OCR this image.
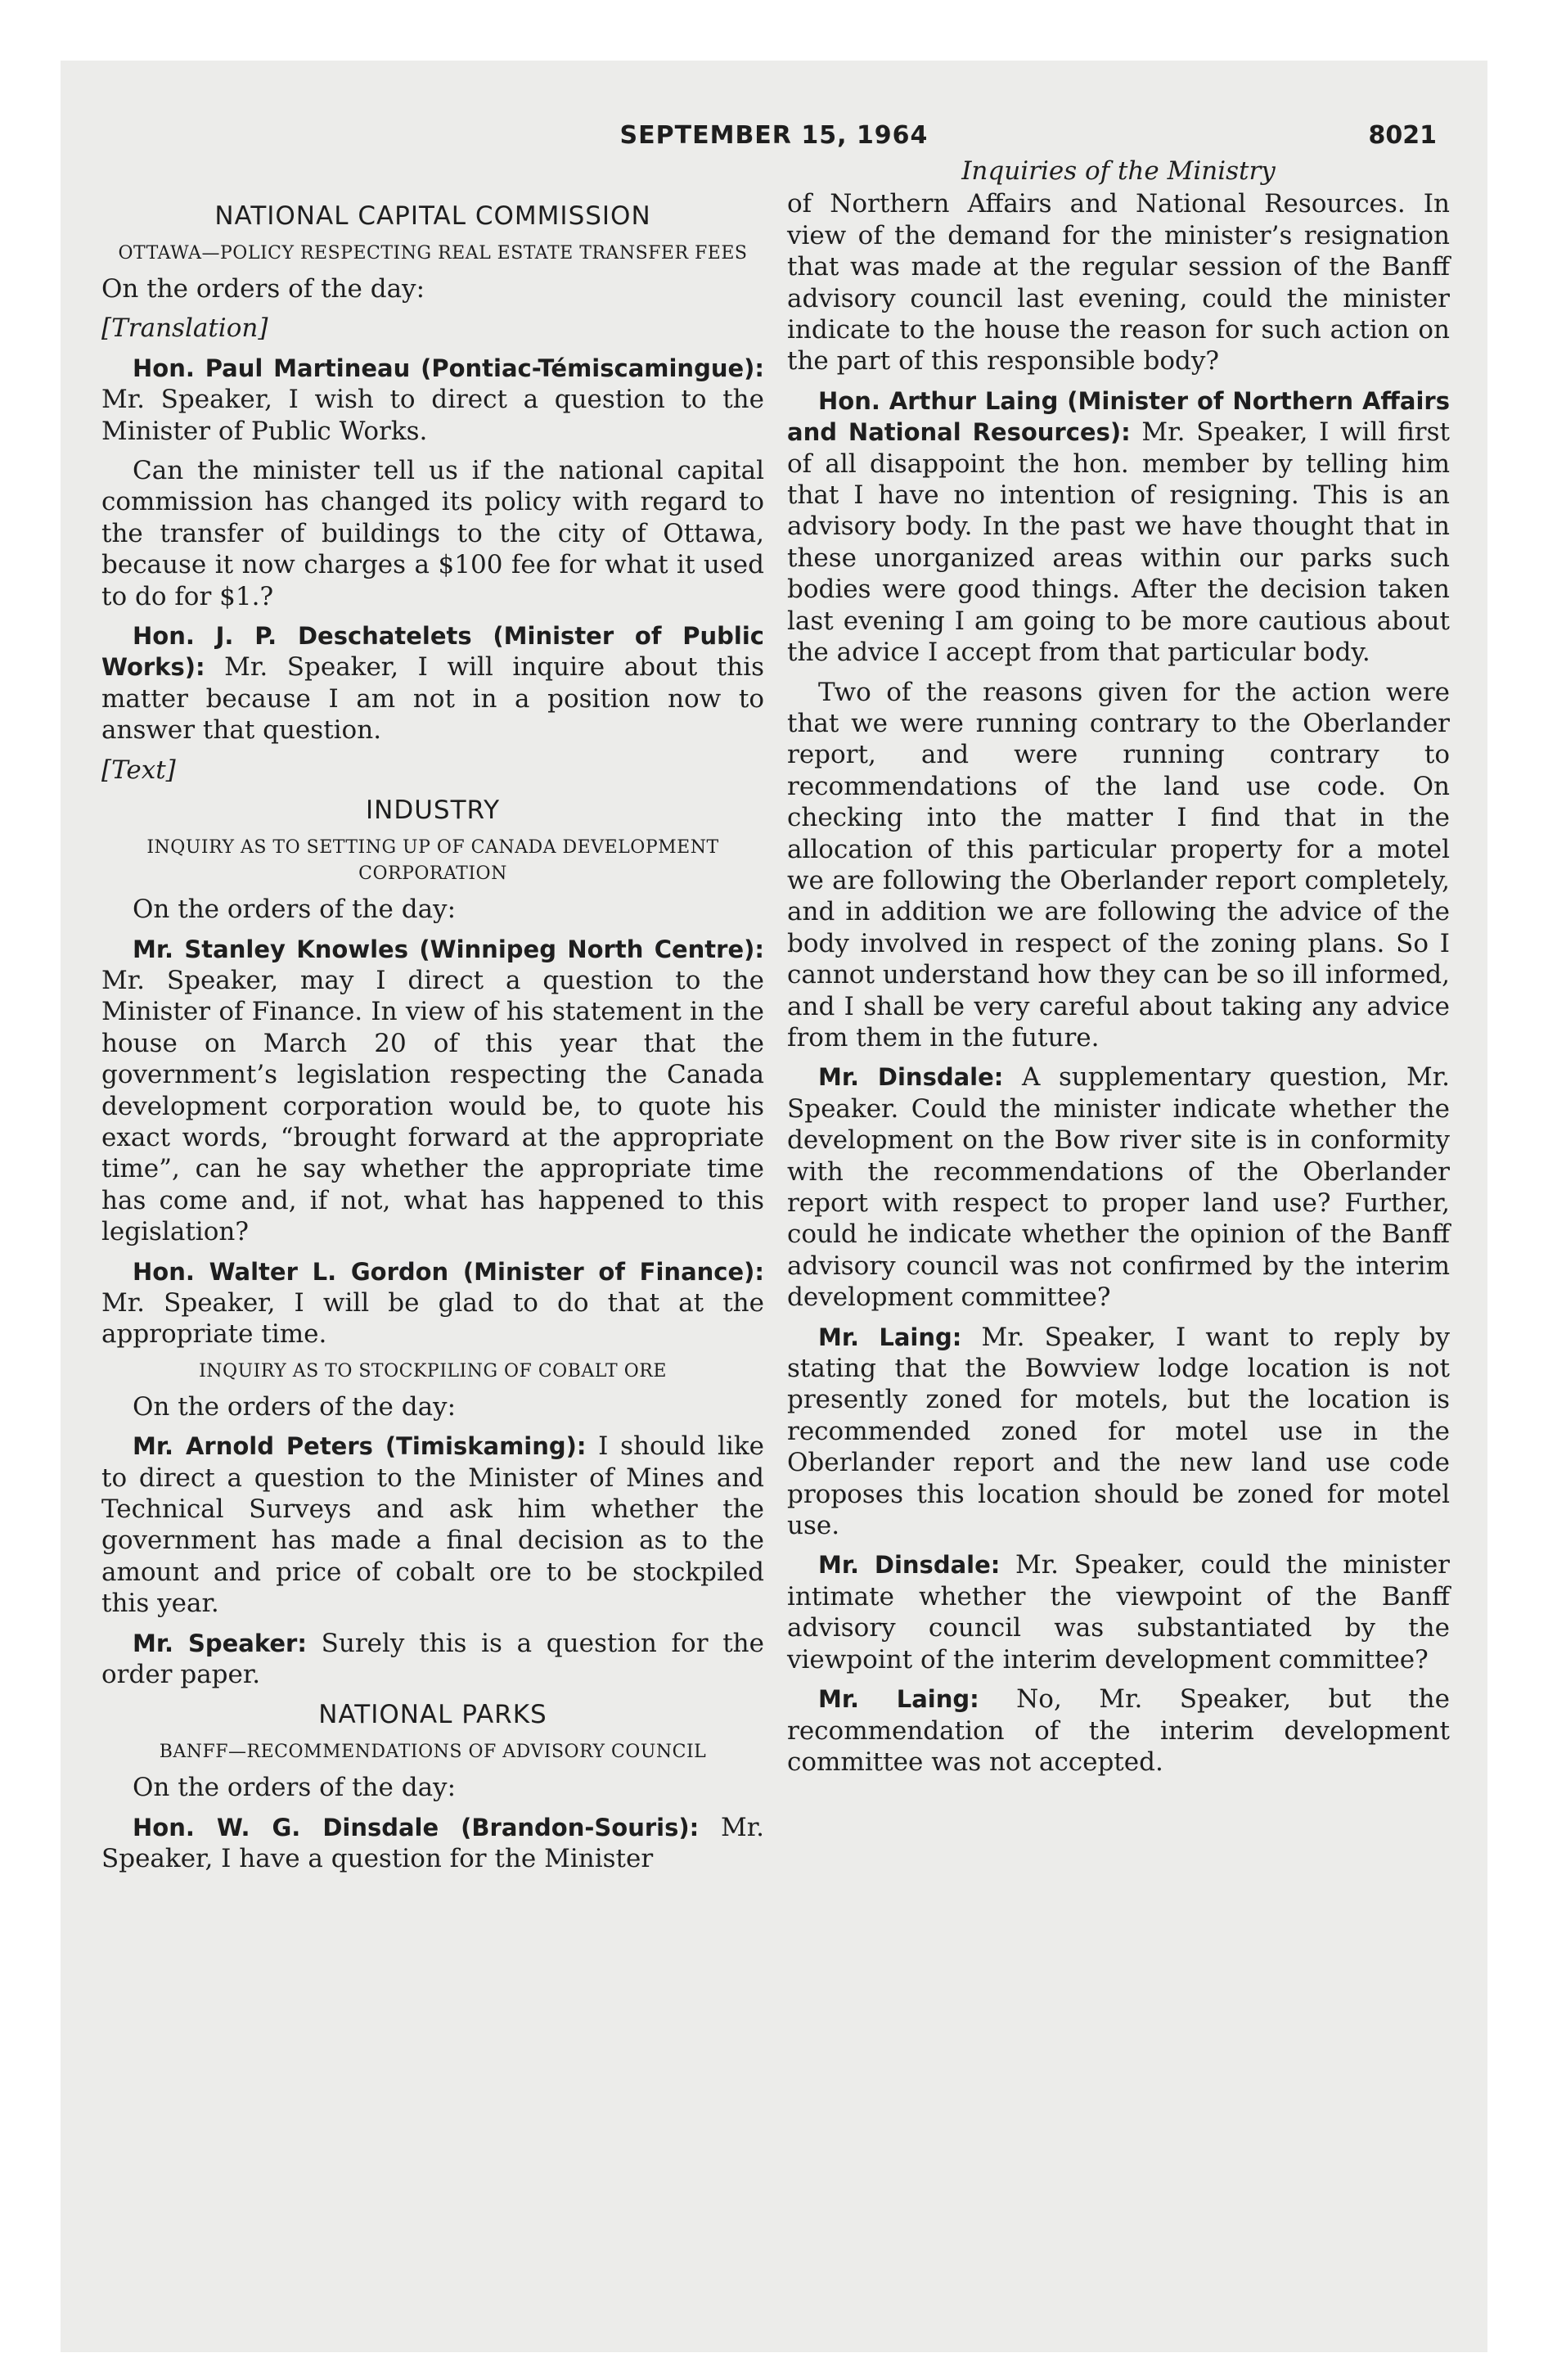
SEPTEMBER 15, 1964	8021
NATIONAL CAPITAL COMMISSION
OTTAWA—POLICY RESPECTING REAL ESTATE TRANSFER FEES

On the orders of the day:

[Translation]

Hon. Paul Martineau (Pontiac-Témiscamingue): Mr. Speaker, I wish to direct a question to the Minister of Public Works.

Can the minister tell us if the national capital commission has changed its policy with regard to the transfer of buildings to the city of Ottawa, because it now charges a $100 fee for what it used to do for $1.?

Hon. J. P. Deschatelets (Minister of Public Works): Mr. Speaker, I will inquire about this matter because I am not in a position now to answer that question.

[Text]

INDUSTRY
INQUIRY AS TO SETTING UP OF CANADA DEVELOPMENT CORPORATION

On the orders of the day:

Mr. Stanley Knowles (Winnipeg North Centre): Mr. Speaker, may I direct a question to the Minister of Finance. In view of his statement in the house on March 20 of this year that the government’s legislation respecting the Canada development corporation would be, to quote his exact words, “brought forward at the appropriate time”, can he say whether the appropriate time has come and, if not, what has happened to this legislation?

Hon. Walter L. Gordon (Minister of Finance): Mr. Speaker, I will be glad to do that at the appropriate time.

INQUIRY AS TO STOCKPILING OF COBALT ORE

On the orders of the day:

Mr. Arnold Peters (Timiskaming): I should like to direct a question to the Minister of Mines and Technical Surveys and ask him whether the government has made a final decision as to the amount and price of cobalt ore to be stockpiled this year.

Mr. Speaker: Surely this is a question for the order paper.

NATIONAL PARKS
BANFF—RECOMMENDATIONS OF ADVISORY COUNCIL

On the orders of the day:

Hon. W. G. Dinsdale (Brandon-Souris): Mr. Speaker, I have a question for the Minister

Inquiries of the Ministry

of Northern Affairs and National Resources. In view of the demand for the minister’s resignation that was made at the regular session of the Banff advisory council last evening, could the minister indicate to the house the reason for such action on the part of this responsible body?

Hon. Arthur Laing (Minister of Northern Affairs and National Resources): Mr. Speaker, I will first of all disappoint the hon. member by telling him that I have no intention of resigning. This is an advisory body. In the past we have thought that in these unorganized areas within our parks such bodies were good things. After the decision taken last evening I am going to be more cautious about the advice I accept from that particular body.

Two of the reasons given for the action were that we were running contrary to the Oberlander report, and were running contrary to recommendations of the land use code. On checking into the matter I find that in the allocation of this particular property for a motel we are following the Oberlander report completely, and in addition we are following the advice of the body involved in respect of the zoning plans. So I cannot understand how they can be so ill informed, and I shall be very careful about taking any advice from them in the future.

Mr. Dinsdale: A supplementary question, Mr. Speaker. Could the minister indicate whether the development on the Bow river site is in conformity with the recommendations of the Oberlander report with respect to proper land use? Further, could he indicate whether the opinion of the Banff advisory council was not confirmed by the interim development committee?

Mr. Laing: Mr. Speaker, I want to reply by stating that the Bowview lodge location is not presently zoned for motels, but the location is recommended zoned for motel use in the Oberlander report and the new land use code proposes this location should be zoned for motel use.

Mr. Dinsdale: Mr. Speaker, could the minister intimate whether the viewpoint of the Banff advisory council was substantiated by the viewpoint of the interim development committee?

Mr. Laing: No, Mr. Speaker, but the recommendation of the interim development committee was not accepted.
